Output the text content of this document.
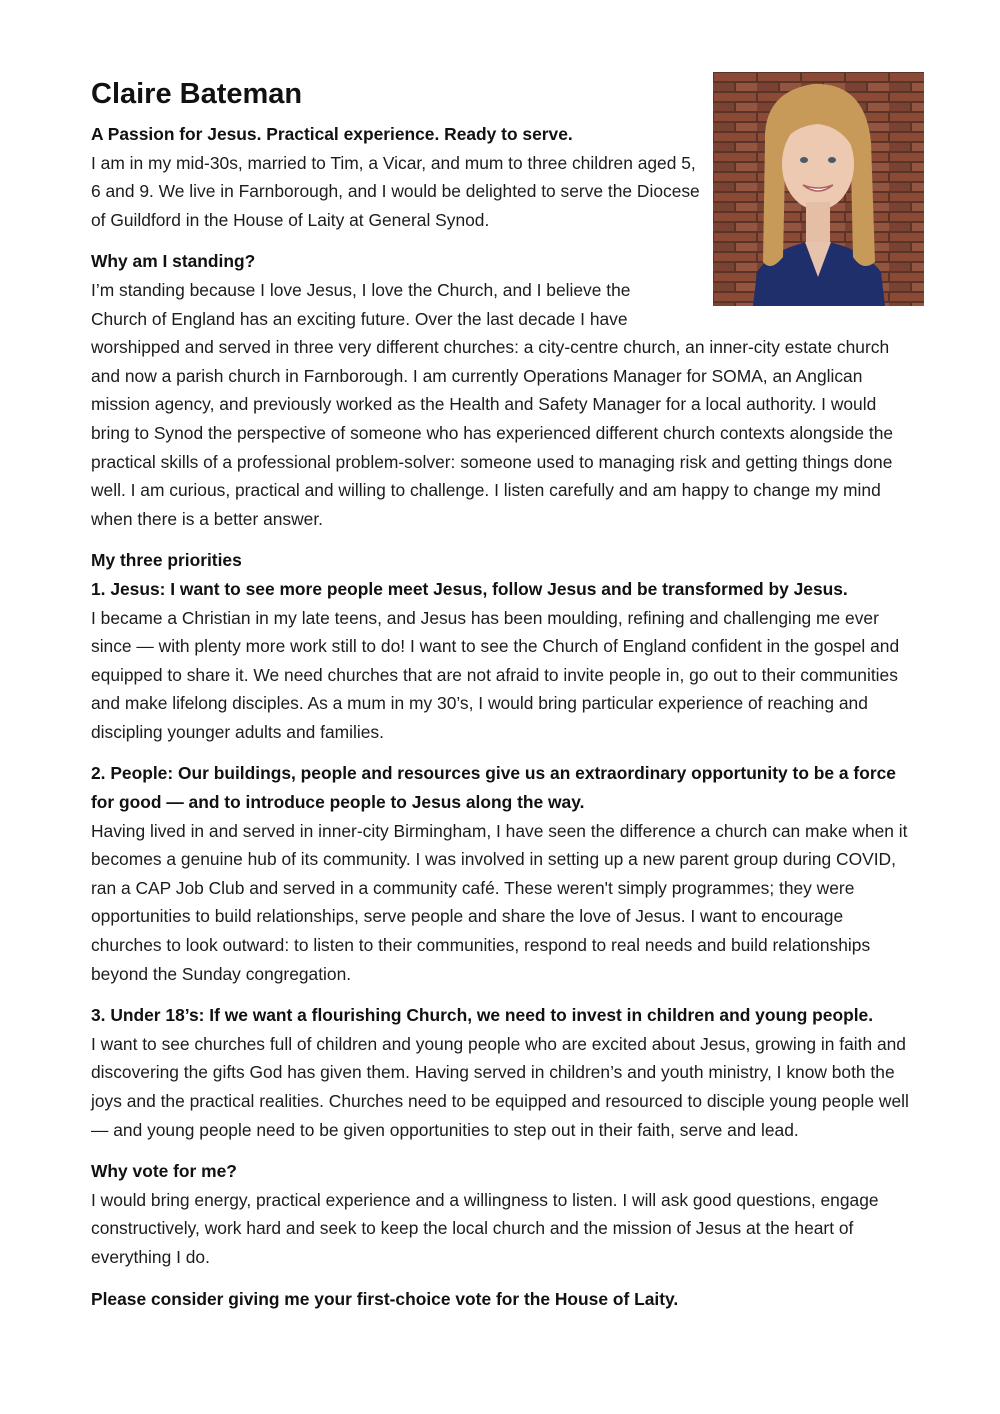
Claire Bateman

A Passion for Jesus. Practical experience. Ready to serve.

I am in my mid-30s, married to Tim, a Vicar, and mum to three children aged 5, 6 and 9. We live in Farnborough, and I would be delighted to serve the Diocese of Guildford in the House of Laity at General Synod.

Why am I standing?

I’m standing because I love Jesus, I love the Church, and I believe the Church of England has an exciting future. Over the last decade I have

worshipped and served in three very different churches: a city-centre church, an inner-city estate church and now a parish church in Farnborough. I am currently Operations Manager for SOMA, an Anglican mission agency, and previously worked as the Health and Safety Manager for a local authority. I would bring to Synod the perspective of someone who has experienced different church contexts alongside the practical skills of a professional problem-solver: someone used to managing risk and getting things done well. I am curious, practical and willing to challenge. I listen carefully and am happy to change my mind when there is a better answer.

My three priorities

1. Jesus: I want to see more people meet Jesus, follow Jesus and be transformed by Jesus.

I became a Christian in my late teens, and Jesus has been moulding, refining and challenging me ever since — with plenty more work still to do! I want to see the Church of England confident in the gospel and equipped to share it. We need churches that are not afraid to invite people in, go out to their communities and make lifelong disciples. As a mum in my 30’s, I would bring particular experience of reaching and discipling younger adults and families.

2. People: Our buildings, people and resources give us an extraordinary opportunity to be a force for good — and to introduce people to Jesus along the way.

Having lived in and served in inner-city Birmingham, I have seen the difference a church can make when it becomes a genuine hub of its community. I was involved in setting up a new parent group during COVID, ran a CAP Job Club and served in a community café. These weren't simply programmes; they were opportunities to build relationships, serve people and share the love of Jesus. I want to encourage churches to look outward: to listen to their communities, respond to real needs and build relationships beyond the Sunday congregation.

3. Under 18’s: If we want a flourishing Church, we need to invest in children and young people.

I want to see churches full of children and young people who are excited about Jesus, growing in faith and discovering the gifts God has given them. Having served in children’s and youth ministry, I know both the joys and the practical realities. Churches need to be equipped and resourced to disciple young people well — and young people need to be given opportunities to step out in their faith, serve and lead.

Why vote for me?

I would bring energy, practical experience and a willingness to listen. I will ask good questions, engage constructively, work hard and seek to keep the local church and the mission of Jesus at the heart of everything I do.

Please consider giving me your first-choice vote for the House of Laity.
